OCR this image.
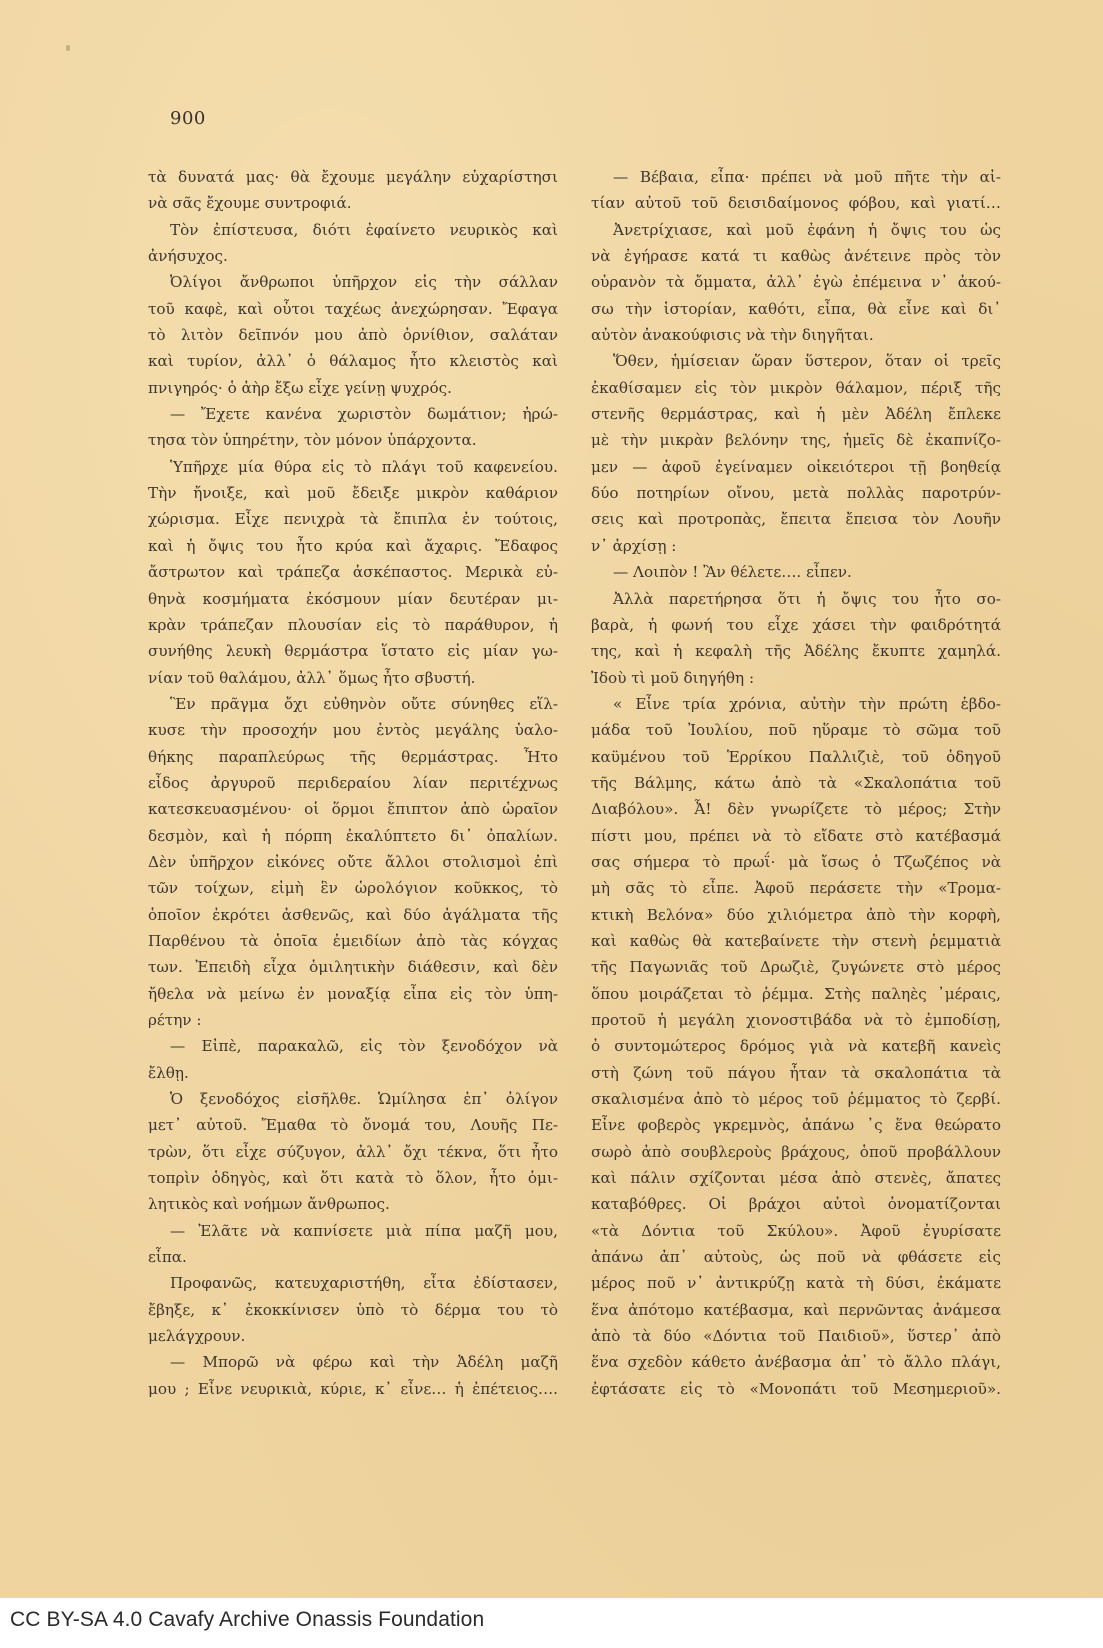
900
τὰ δυνατά μας· θὰ ἔχουμε μεγάλην εὐχαρίστησι
νὰ σᾶς ἔχουμε συντροφιά.
Τὸν ἐπίστευσα, διότι ἐφαίνετο νευρικὸς καὶ
ἀνήσυχος.
Ὀλίγοι ἄνθρωποι ὑπῆρχον εἰς τὴν σάλλαν
τοῦ καφὲ, καὶ οὗτοι ταχέως ἀνεχώρησαν. Ἔφαγα
τὸ λιτὸν δεῖπνόν μου ἀπὸ ὀρνίθιον, σαλάταν
καὶ τυρίον, ἀλλ᾽ ὁ θάλαμος ἦτο κλειστὸς καὶ
πνιγηρός· ὁ ἀὴρ ἔξω εἶχε γείνῃ ψυχρός.
— Ἔχετε κανένα χωριστὸν δωμάτιον; ἠρώ-
τησα τὸν ὑπηρέτην, τὸν μόνον ὑπάρχοντα.
Ὑπῆρχε μία θύρα εἰς τὸ πλάγι τοῦ καφενείου.
Τὴν ἤνοιξε, καὶ μοῦ ἔδειξε μικρὸν καθάριον
χώρισμα. Εἶχε πενιχρὰ τὰ ἔπιπλα ἐν τούτοις,
καὶ ἡ ὄψις του ἦτο κρύα καὶ ἄχαρις. Ἔδαφος
ἄστρωτον καὶ τράπεζα ἀσκέπαστος. Μερικὰ εὐ-
θηνὰ κοσμήματα ἐκόσμουν μίαν δευτέραν μι-
κρὰν τράπεζαν πλουσίαν εἰς τὸ παράθυρον, ἡ
συνήθης λευκὴ θερμάστρα ἵστατο εἰς μίαν γω-
νίαν τοῦ θαλάμου, ἀλλ᾽ ὅμως ἦτο σβυστή.
Ἓν πρᾶγμα ὄχι εὐθηνὸν οὔτε σύνηθες εἵλ-
κυσε τὴν προσοχήν μου ἐντὸς μεγάλης ὑαλο-
θήκης παραπλεύρως τῆς θερμάστρας. Ἦτο
εἶδος ἀργυροῦ περιδεραίου λίαν περιτέχνως
κατεσκευασμένου· οἱ ὅρμοι ἔπιπτον ἀπὸ ὡραῖον
δεσμὸν, καὶ ἡ πόρπη ἐκαλύπτετο δι᾽ ὀπαλίων.
Δὲν ὑπῆρχον εἰκόνες οὔτε ἄλλοι στολισμοὶ ἐπὶ
τῶν τοίχων, εἰμὴ ἓν ὡρολόγιον κοῦκκος, τὸ
ὁποῖον ἐκρότει ἀσθενῶς, καὶ δύο ἀγάλματα τῆς
Παρθένου τὰ ὁποῖα ἐμειδίων ἀπὸ τὰς κόγχας
των. Ἐπειδὴ εἶχα ὁμιλητικὴν διάθεσιν, καὶ δὲν
ἤθελα νὰ μείνω ἐν μοναξίᾳ εἶπα εἰς τὸν ὑπη-
ρέτην :
— Εἰπὲ, παρακαλῶ, εἰς τὸν ξενοδόχον νὰ
ἔλθῃ.
Ὁ ξενοδόχος εἰσῆλθε. Ὡμίλησα ἐπ᾽ ὀλίγον
μετ᾽ αὐτοῦ. Ἔμαθα τὸ ὄνομά του, Λουῆς Πε-
τρὼν, ὅτι εἶχε σύζυγον, ἀλλ᾽ ὄχι τέκνα, ὅτι ἦτο
τοπρὶν ὁδηγὸς, καὶ ὅτι κατὰ τὸ ὅλον, ἦτο ὁμι-
λητικὸς καὶ νοήμων ἄνθρωπος.
— Ἐλᾶτε νὰ καπνίσετε μιὰ πίπα μαζῆ μου,
εἶπα.
Προφανῶς, κατευχαριστήθη, εἶτα ἐδίστασεν,
ἔβηξε, κ᾽ ἐκοκκίνισεν ὑπὸ τὸ δέρμα του τὸ
μελάγχρουν.
— Μπορῶ νὰ φέρω καὶ τὴν Ἀδέλη μαζῆ
μου ; Εἶνε νευρικιὰ, κύριε, κ᾽ εἶνε… ἡ ἐπέτειος….
— Βέβαια, εἶπα· πρέπει νὰ μοῦ πῆτε τὴν αἰ-
τίαν αὐτοῦ τοῦ δεισιδαίμονος φόβου, καὶ γιατί…
Ἀνετρίχιασε, καὶ μοῦ ἐφάνη ἡ ὄψις του ὡς
νὰ ἐγήρασε κατά τι καθὼς ἀνέτεινε πρὸς τὸν
οὐρανὸν τὰ ὄμματα, ἀλλ᾽ ἐγὼ ἐπέμεινα ν᾽ ἀκού-
σω τὴν ἱστορίαν, καθότι, εἶπα, θὰ εἶνε καὶ δι᾽
αὐτὸν ἀνακούφισις νὰ τὴν διηγῆται.
Ὅθεν, ἡμίσειαν ὥραν ὕστερον, ὅταν οἱ τρεῖς
ἐκαθίσαμεν εἰς τὸν μικρὸν θάλαμον, πέριξ τῆς
στενῆς θερμάστρας, καὶ ἡ μὲν Ἀδέλη ἔπλεκε
μὲ τὴν μικρὰν βελόνην της, ἡμεῖς δὲ ἐκαπνίζο-
μεν — ἀφοῦ ἐγείναμεν οἰκειότεροι τῇ βοηθείᾳ
δύο ποτηρίων οἴνου, μετὰ πολλὰς παροτρύν-
σεις καὶ προτροπὰς, ἔπειτα ἔπεισα τὸν Λουῆν
ν᾽ ἀρχίσῃ :
— Λοιπὸν ! Ἂν θέλετε…. εἶπεν.
Ἀλλὰ παρετήρησα ὅτι ἡ ὄψις του ἦτο σο-
βαρὰ, ἡ φωνή του εἶχε χάσει τὴν φαιδρότητά
της, καὶ ἡ κεφαλὴ τῆς Ἀδέλης ἔκυπτε χαμηλά.
Ἰδοὺ τὶ μοῦ διηγήθη :
« Εἶνε τρία χρόνια, αὐτὴν τὴν πρώτη ἑβδο-
μάδα τοῦ Ἰουλίου, ποῦ ηὕραμε τὸ σῶμα τοῦ
καϋμένου τοῦ Ἑρρίκου Παλλιζιὲ, τοῦ ὁδηγοῦ
τῆς Βάλμης, κάτω ἀπὸ τὰ «Σκαλοπάτια τοῦ
Διαβόλου». Ἆ! δὲν γνωρίζετε τὸ μέρος; Στὴν
πίστι μου, πρέπει νὰ τὸ εἴδατε στὸ κατέβασμά
σας σήμερα τὸ πρωΐ· μὰ ἴσως ὁ Τζωζέπος νὰ
μὴ σᾶς τὸ εἶπε. Ἀφοῦ περάσετε τὴν «Τρομα-
κτικὴ Βελόνα» δύο χιλιόμετρα ἀπὸ τὴν κορφὴ,
καὶ καθὼς θὰ κατεβαίνετε τὴν στενὴ ῥεμματιὰ
τῆς Παγωνιᾶς τοῦ Δρωζιὲ, ζυγώνετε στὸ μέρος
ὅπου μοιράζεται τὸ ῥέμμα. Στὴς παληὲς ᾽μέραις,
προτοῦ ἡ μεγάλη χιονοστιβάδα νὰ τὸ ἐμποδίσῃ,
ὁ συντομώτερος δρόμος γιὰ νὰ κατεβῆ κανεὶς
στὴ ζώνη τοῦ πάγου ἦταν τὰ σκαλοπάτια τὰ
σκαλισμένα ἀπὸ τὸ μέρος τοῦ ῥέμματος τὸ ζερβί.
Εἶνε φοβερὸς γκρεμνὸς, ἀπάνω ᾽ς ἕνα θεώρατο
σωρὸ ἀπὸ σουβλεροὺς βράχους, ὁποῦ προβάλλουν
καὶ πάλιν σχίζονται μέσα ἀπὸ στενὲς, ἄπατες
καταβόθρες. Οἱ βράχοι αὐτοὶ ὀνοματίζονται
«τὰ Δόντια τοῦ Σκύλου». Ἀφοῦ ἐγυρίσατε
ἀπάνω ἀπ᾽ αὐτοὺς, ὡς ποῦ νὰ φθάσετε εἰς
μέρος ποῦ ν᾽ ἀντικρύζῃ κατὰ τὴ δύσι, ἐκάματε
ἕνα ἀπότομο κατέβασμα, καὶ περνῶντας ἀνάμεσα
ἀπὸ τὰ δύο «Δόντια τοῦ Παιδιοῦ», ὕστερ᾽ ἀπὸ
ἕνα σχεδὸν κάθετο ἀνέβασμα ἀπ᾽ τὸ ἄλλο πλάγι,
ἐφτάσατε εἰς τὸ «Μονοπάτι τοῦ Μεσημεριοῦ».
CC BY-SA 4.0 Cavafy Archive Onassis Foundation
